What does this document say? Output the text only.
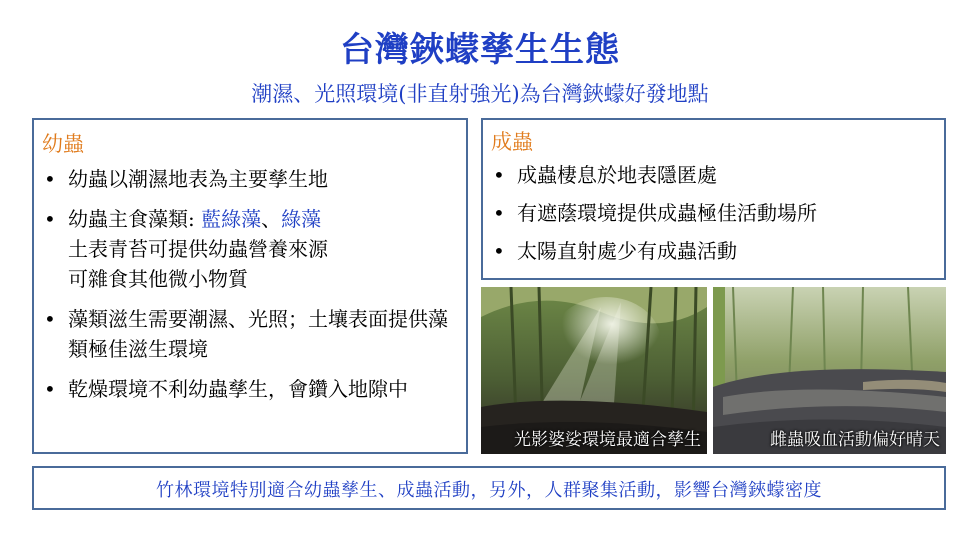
台灣鋏蠓孳生生態
潮濕、光照環境(非直射強光)為台灣鋏蠓好發地點
幼蟲
• 幼蟲以潮濕地表為主要孳生地
• 幼蟲主食藻類: 藍綠藻、綠藻
土表青苔可提供幼蟲營養來源
可雜食其他微小物質
• 藻類滋生需要潮濕、光照；土壤表面提供藻類極佳滋生環境
• 乾燥環境不利幼蟲孳生，會鑽入地隙中
成蟲
• 成蟲棲息於地表隱匿處
• 有遮蔭環境提供成蟲極佳活動場所
• 太陽直射處少有成蟲活動
光影婆娑環境最適合孳生	雌蟲吸血活動偏好晴天
竹林環境特別適合幼蟲孳生、成蟲活動，另外，人群聚集活動，影響台灣鋏蠓密度
